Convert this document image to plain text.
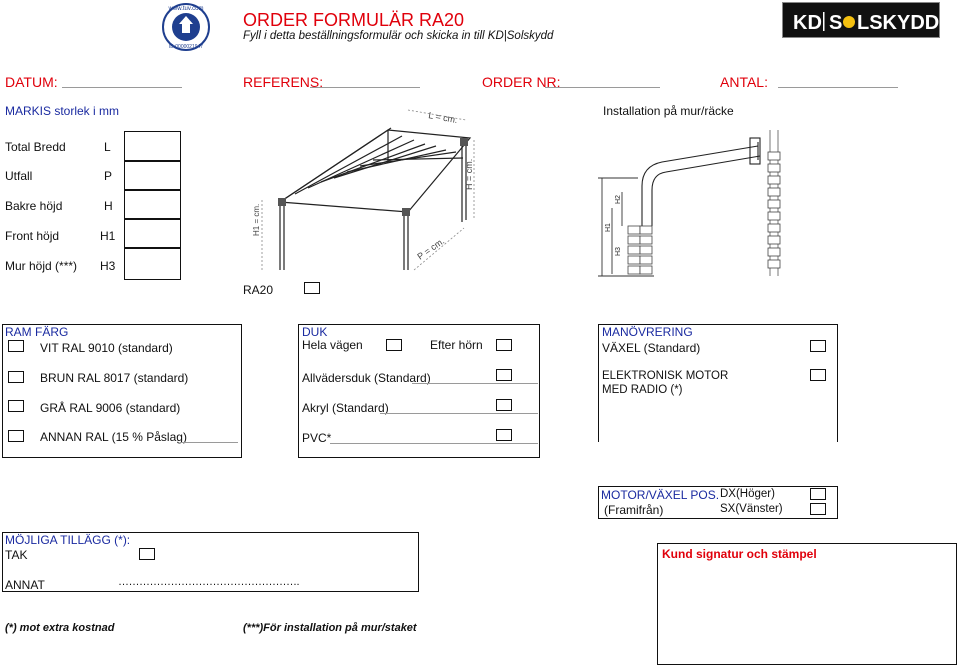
www.tuv.com
ID:0000021947
ORDER FORMULÄR RA20
Fyll i detta beställningsformulär och skicka in till KD|Solskydd
KD S LSKYDD
DATUM:	REFERENS:	ORDER NR:	ANTAL:
MARKIS storlek i mm	Installation på mur/räcke
Total Bredd	L
Utfall	P
Bakre höjd	H
Front höjd	H1
Mur höjd (***) H3
L = cm.
H = cm.
H1 = cm.
P = cm.
RA20
H1
H2
H3
RAM FÄRG
VIT RAL 9010 (standard)
BRUN RAL 8017 (standard)
GRÅ RAL 9006 (standard)
ANNAN RAL (15 % Påslag)
DUK
Hela vägen	Efter hörn
Allvädersduk (Standard)
Akryl (Standard)
PVC*
MANÖVRERING
VÄXEL (Standard)
ELEKTRONISK MOTOR
MED RADIO (*)
MOTOR/VÄXEL POS.
(Framifrån)
DX(Höger)
SX(Vänster)
MÖJLIGA TILLÄGG (*):
TAK
ANNAT	…………………………………………….
Kund signatur och stämpel
(*) mot extra kostnad	(***)För installation på mur/staket
